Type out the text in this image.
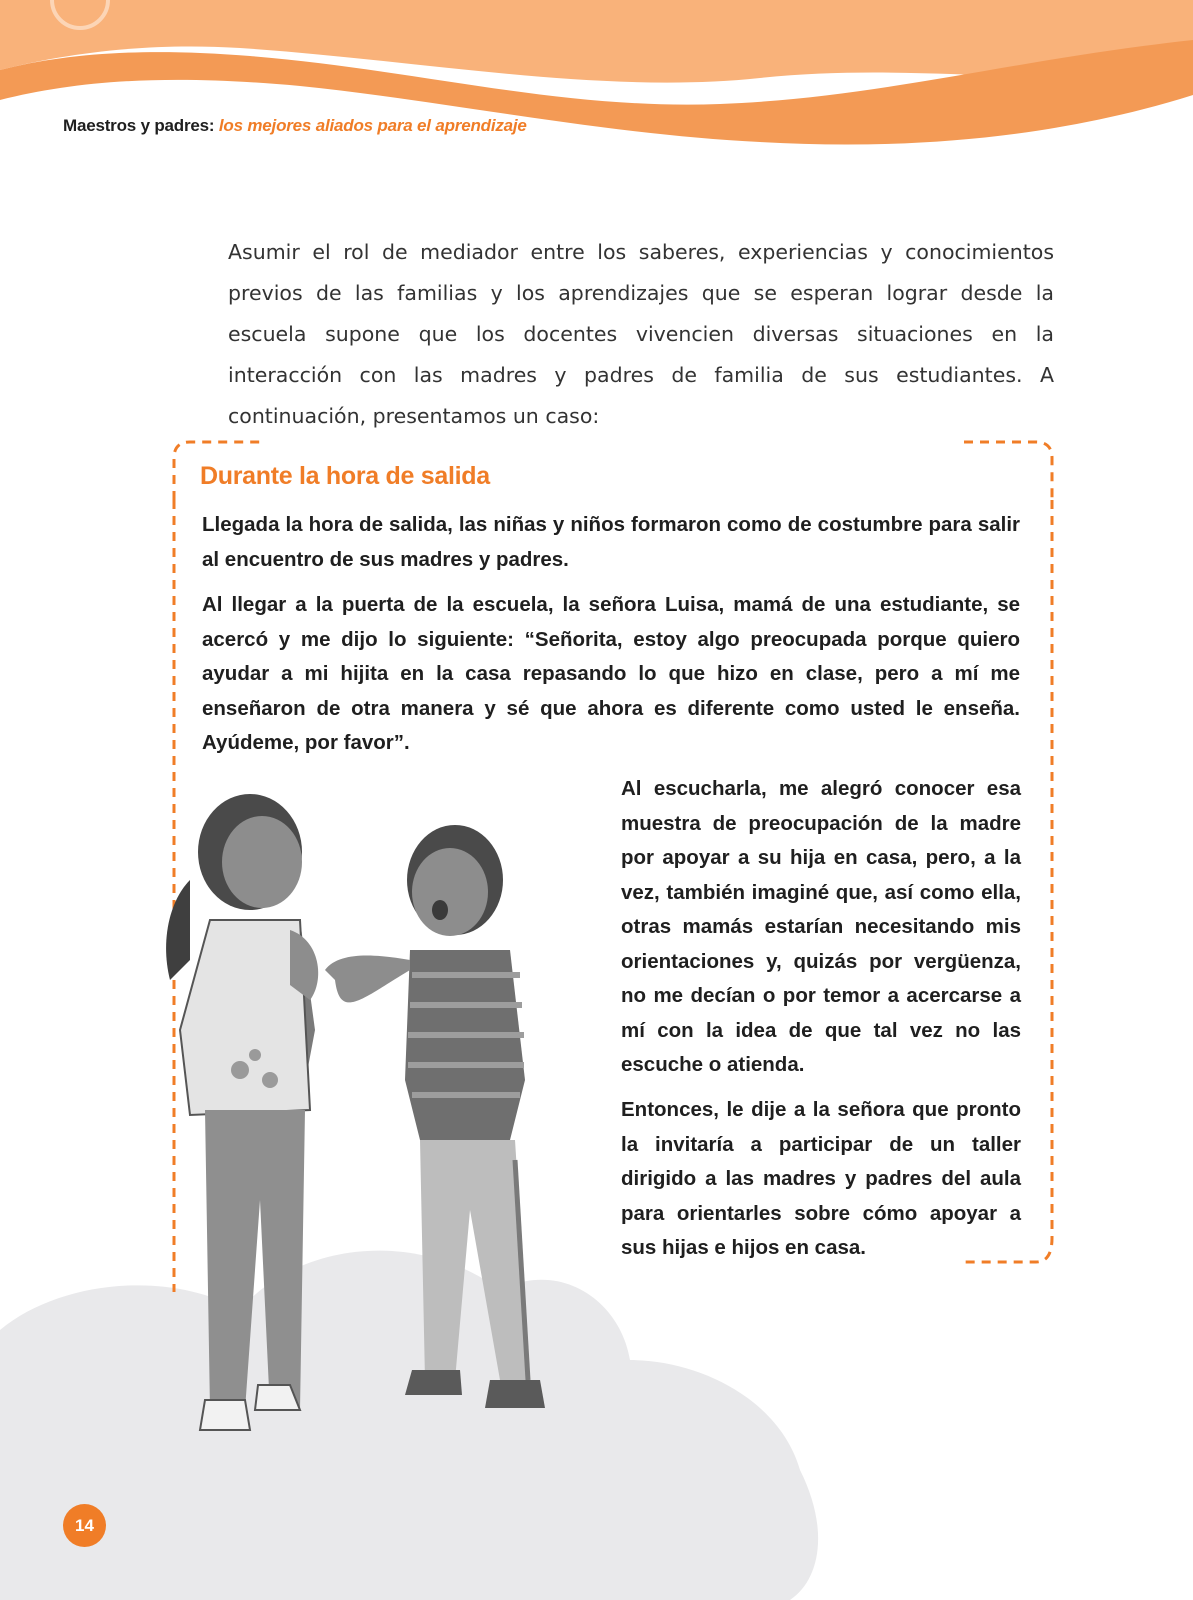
Maestros y padres: los mejores aliados para el aprendizaje

Asumir el rol de mediador entre los saberes, experiencias y conocimientos previos de las familias y los aprendizajes que se esperan lograr desde la escuela supone que los docentes vivencien diversas situaciones en la interacción con las madres y padres de familia de sus estudiantes. A continuación, presentamos un caso:

Durante la hora de salida

Llegada la hora de salida, las niñas y niños formaron como de costumbre para salir al encuentro de sus madres y padres.

Al llegar a la puerta de la escuela, la señora Luisa, mamá de una estudiante, se acercó y me dijo lo siguiente: “Señorita, estoy algo preocupada porque quiero ayudar a mi hijita en la casa repasando lo que hizo en clase, pero a mí me enseñaron de otra manera y sé que ahora es diferente como usted le enseña. Ayúdeme, por favor”.

Al escucharla, me alegró conocer esa muestra de preocupación de la madre por apoyar a su hija en casa, pero, a la vez, también imaginé que, así como ella, otras mamás estarían necesitando mis orientaciones y, quizás por vergüenza, no me decían o por temor a acercarse a mí con la idea de que tal vez no las escuche o atienda.

Entonces, le dije a la señora que pronto la invitaría a participar de un taller dirigido a las madres y padres del aula para orientarles sobre cómo apoyar a sus hijas e hijos en casa.

14
